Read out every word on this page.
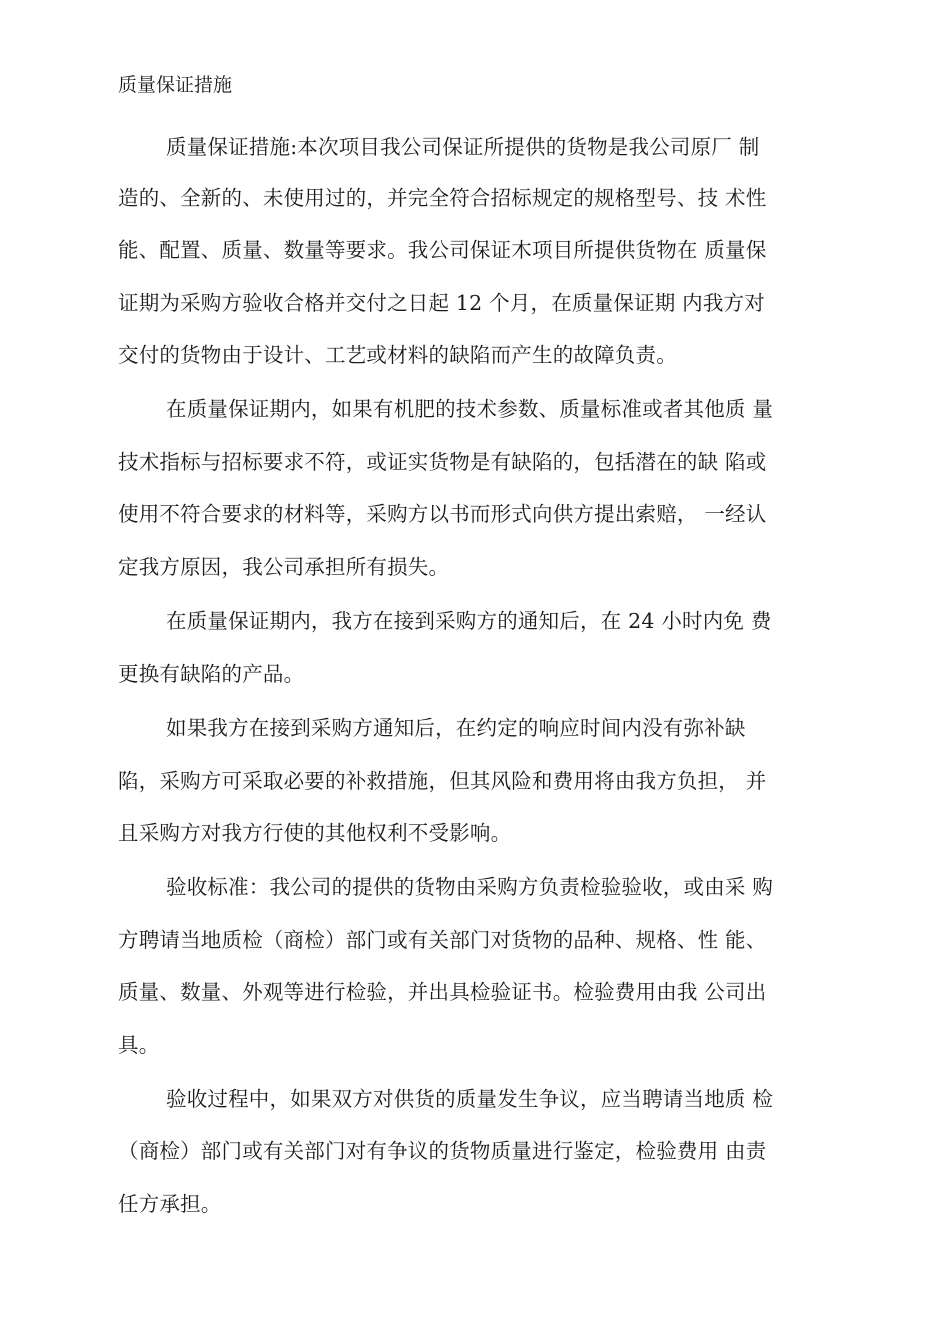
质量保证措施
质量保证措施:本次项目我公司保证所提供的货物是我公司原厂 制
造的、全新的、未使用过的，并完全符合招标规定的规格型号、技 术性
能、配置、质量、数量等要求。我公司保证木项目所提供货物在 质量保
证期为采购方验收合格并交付之日起 12 个月，在质量保证期 内我方对
交付的货物由于设计、工艺或材料的缺陷而产生的故障负责。
在质量保证期内，如果有机肥的技术参数、质量标准或者其他质 量
技术指标与招标要求不符，或证实货物是有缺陷的，包括潜在的缺 陷或
使用不符合要求的材料等，采购方以书而形式向供方提出索赔， 一经认
定我方原因，我公司承担所有损失。
在质量保证期内，我方在接到采购方的通知后，在 24 小时内免 费
更换有缺陷的产品。
如果我方在接到采购方通知后，在约定的响应时间内没有弥补缺
陷，采购方可采取必要的补救措施，但其风险和费用将由我方负担， 并
且采购方对我方行使的其他权利不受影响。
验收标准：我公司的提供的货物由采购方负责检验验收，或由采 购
方聘请当地质检（商检）部门或有关部门对货物的品种、规格、性 能、
质量、数量、外观等进行检验，并出具检验证书。检验费用由我 公司出
具。
验收过程中，如果双方对供货的质量发生争议，应当聘请当地质 检
（商检）部门或有关部门对有争议的货物质量进行鉴定，检验费用 由责
任方承担。
